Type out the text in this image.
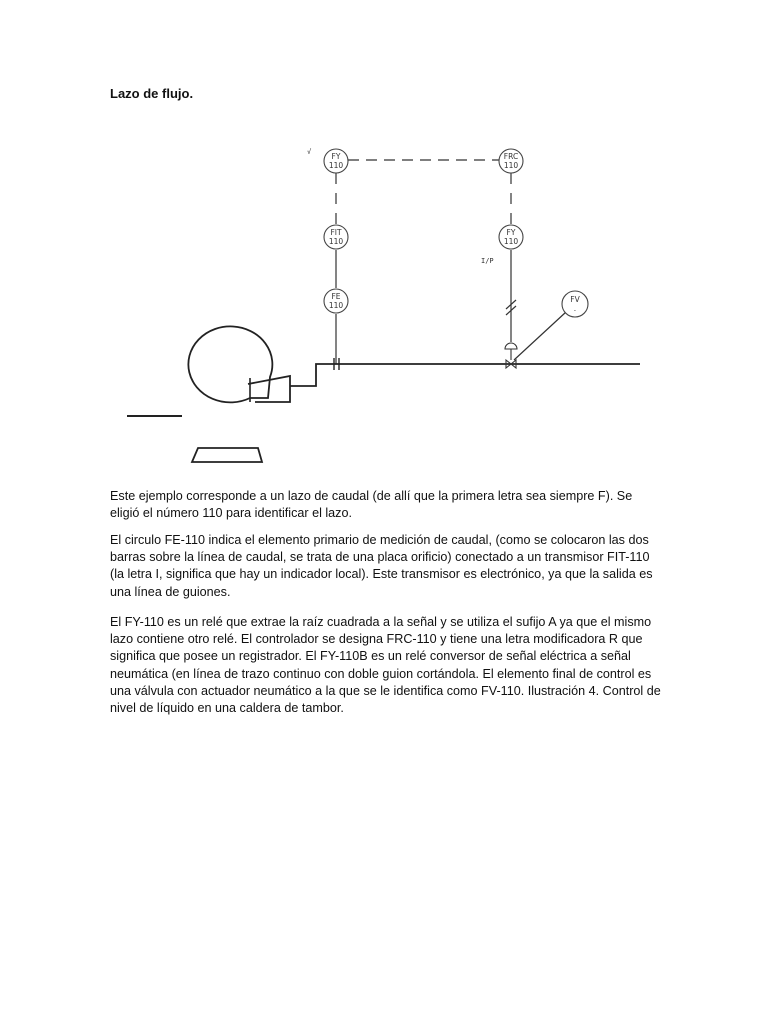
Lazo de flujo.
FY
110
√	FRC
110
FIT
110
FY
110
I/P
FE
110
FV
.

Este ejemplo corresponde a un lazo de caudal (de allí que la primera letra sea siempre F). Se eligió el número 110 para identificar el lazo.

El circulo FE-110 indica el elemento primario de medición de caudal, (como se colocaron las dos barras sobre la línea de caudal, se trata de una placa orificio) conectado a un transmisor FIT-110 (la letra I, significa que hay un indicador local). Este transmisor es electrónico, ya que la salida es una línea de guiones.

El FY-110 es un relé que extrae la raíz cuadrada a la señal y se utiliza el sufijo A ya que el mismo lazo contiene otro relé. El controlador se designa FRC-110 y tiene una letra modificadora R que significa que posee un registrador. El FY-110B es un relé conversor de señal eléctrica a señal neumática (en línea de trazo continuo con doble guion cortándola. El elemento final de control es una válvula con actuador neumático a la que se le identifica como FV-110. Ilustración 4. Control de nivel de líquido en una caldera de tambor.
